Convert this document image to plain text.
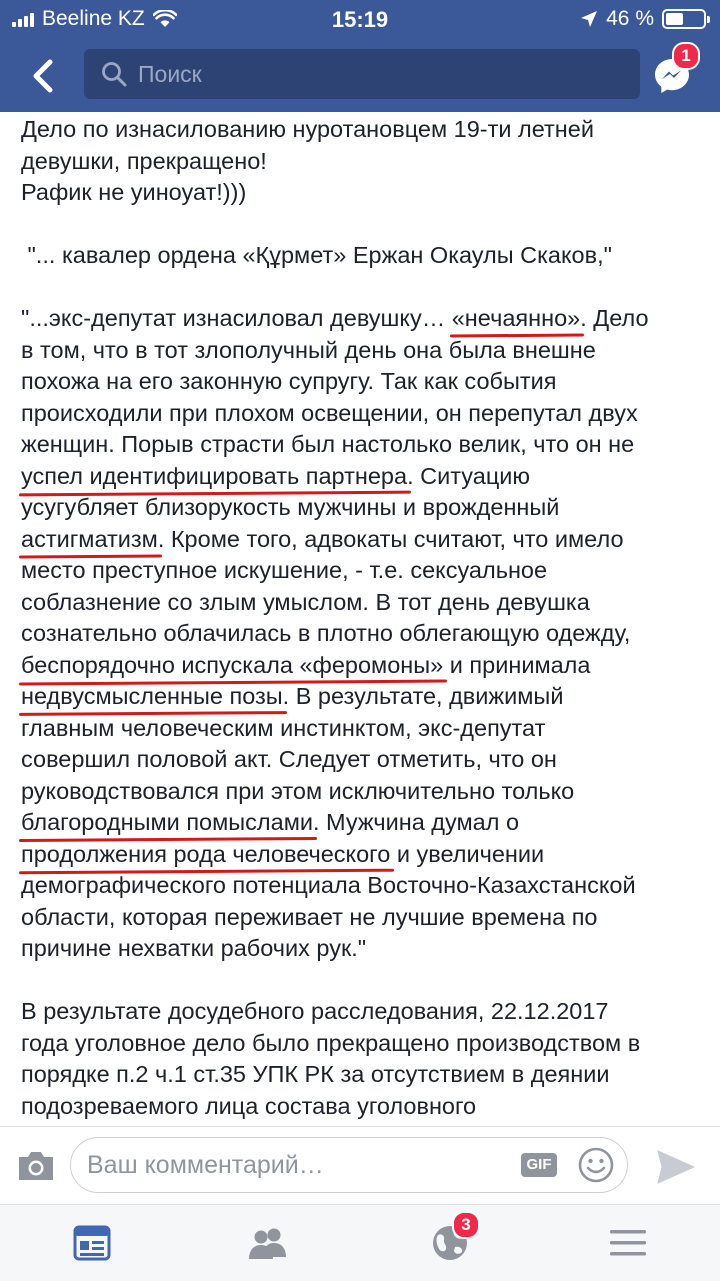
Beeline KZ	15:19	46 %
Поиск
1

Дело по изнасилованию нуротановцем 19-ти летней
девушки, прекращено!
Рафик не уиноуат!)))

"... кавалер ордена «Құрмет» Ержан Окаулы Скаков,"

"...экс-депутат изнасиловал девушку… «нечаянно». Дело
в том, что в тот злополучный день она была внешне
похожа на его законную супругу. Так как события
происходили при плохом освещении, он перепутал двух
женщин. Порыв страсти был настолько велик, что он не
успел идентифицировать партнера. Ситуацию
усугубляет близорукость мужчины и врожденный
астигматизм. Кроме того, адвокаты считают, что имело
место преступное искушение, - т.е. сексуальное
соблазнение со злым умыслом. В тот день девушка
сознательно облачилась в плотно облегающую одежду,
беспорядочно испускала «феромоны» и принимала
недвусмысленные позы. В результате, движимый
главным человеческим инстинктом, экс-депутат
совершил половой акт. Следует отметить, что он
руководствовался при этом исключительно только
благородными помыслами. Мужчина думал о
продолжения рода человеческого и увеличении
демографического потенциала Восточно-Казахстанской
области, которая переживает не лучшие времена по
причине нехватки рабочих рук."

В результате досудебного расследования, 22.12.2017
года уголовное дело было прекращено производством в
порядке п.2 ч.1 ст.35 УПК РК за отсутствием в деянии
подозреваемого лица состава уголовного

Ваш комментарий…
GIF
3
